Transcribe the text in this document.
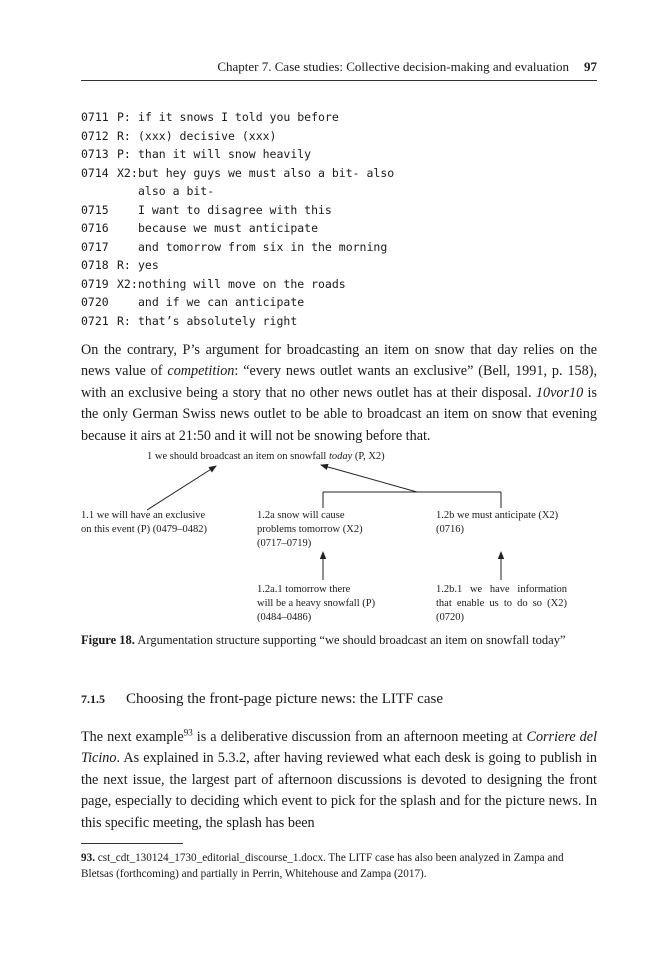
Chapter 7. Case studies: Collective decision-making and evaluation 97
0711 P: if it snows I told you before
0712 R: (xxx) decisive (xxx)
0713 P: than it will snow heavily
0714 X2: but hey guys we must also a bit- also
also a bit-
0715	I want to disagree with this
0716	because we must anticipate
0717	and tomorrow from six in the morning
0718 R: yes
0719 X2: nothing will move on the roads
0720	and if we can anticipate
0721 R: that’s absolutely right

On the contrary, P’s argument for broadcasting an item on snow that day relies on the news value of competition: “every news outlet wants an exclusive” (Bell, 1991, p. 158), with an exclusive being a story that no other news outlet has at their disposal. 10vor10 is the only German Swiss news outlet to be able to broadcast an item on snow that evening because it airs at 21:50 and it will not be snowing before that.

1 we should broadcast an item on snowfall today (P, X2)
1.1 we will have an exclusive
on this event (P) (0479–0482)
1.2a snow will cause
problems tomorrow (X2)
(0717–0719)
1.2b we must anticipate (X2)
(0716)
1.2a.1 tomorrow there
will be a heavy snowfall (P)
(0484–0486)
1.2b.1 we have information
that enable us to do so (X2)
(0720)

Figure 18. Argumentation structure supporting “we should broadcast an item on snowfall today”

7.1.5 Choosing the front-page picture news: the LITF case

The next example$^{93}$ is a deliberative discussion from an afternoon meeting at Corriere del Ticino. As explained in 5.3.2, after having reviewed what each desk is going to publish in the next issue, the largest part of afternoon discussions is devoted to designing the front page, especially to deciding which event to pick for the splash and for the picture news. In this specific meeting, the splash has been

93. cst_cdt_130124_1730_editorial_discourse_1.docx. The LITF case has also been analyzed in Zampa and Bletsas (forthcoming) and partially in Perrin, Whitehouse and Zampa (2017).
